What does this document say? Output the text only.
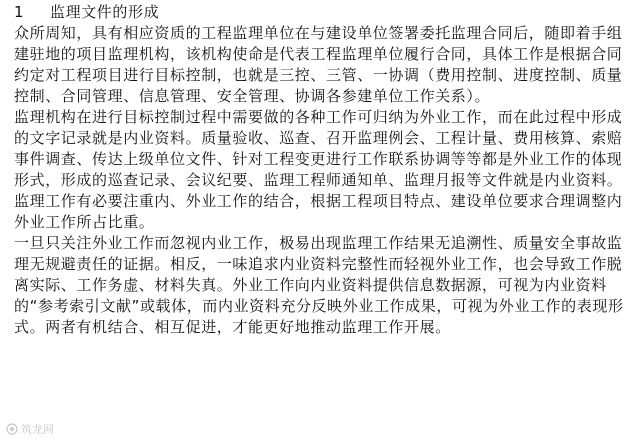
1 监理文件的形成

众所周知，具有相应资质的工程监理单位在与建设单位签署委托监理合同后，随即着手组建驻地的项目监理机构，该机构使命是代表工程监理单位履行合同，具体工作是根据合同约定对工程项目进行目标控制，也就是三控、三管、一协调（费用控制、进度控制、质量控制、合同管理、信息管理、安全管理、协调各参建单位工作关系）。

监理机构在进行目标控制过程中需要做的各种工作可归纳为外业工作，而在此过程中形成的文字记录就是内业资料。质量验收、巡查、召开监理例会、工程计量、费用核算、索赔事件调查、传达上级单位文件、针对工程变更进行工作联系协调等等都是外业工作的体现形式，形成的巡查记录、会议纪要、监理工程师通知单、监理月报等文件就是内业资料。监理工作有必要注重内、外业工作的结合，根据工程项目特点、建设单位要求合理调整内外业工作所占比重。

一旦只关注外业工作而忽视内业工作，极易出现监理工作结果无追溯性、质量安全事故监理无规避责任的证据。相反，一味追求内业资料完整性而轻视外业工作，也会导致工作脱离实际、工作务虚、材料失真。外业工作向内业资料提供信息数据源，可视为内业资料的“参考索引文献”或载体，而内业资料充分反映外业工作成果，可视为外业工作的表现形式。两者有机结合、相互促进，才能更好地推动监理工作开展。

筑龙网
